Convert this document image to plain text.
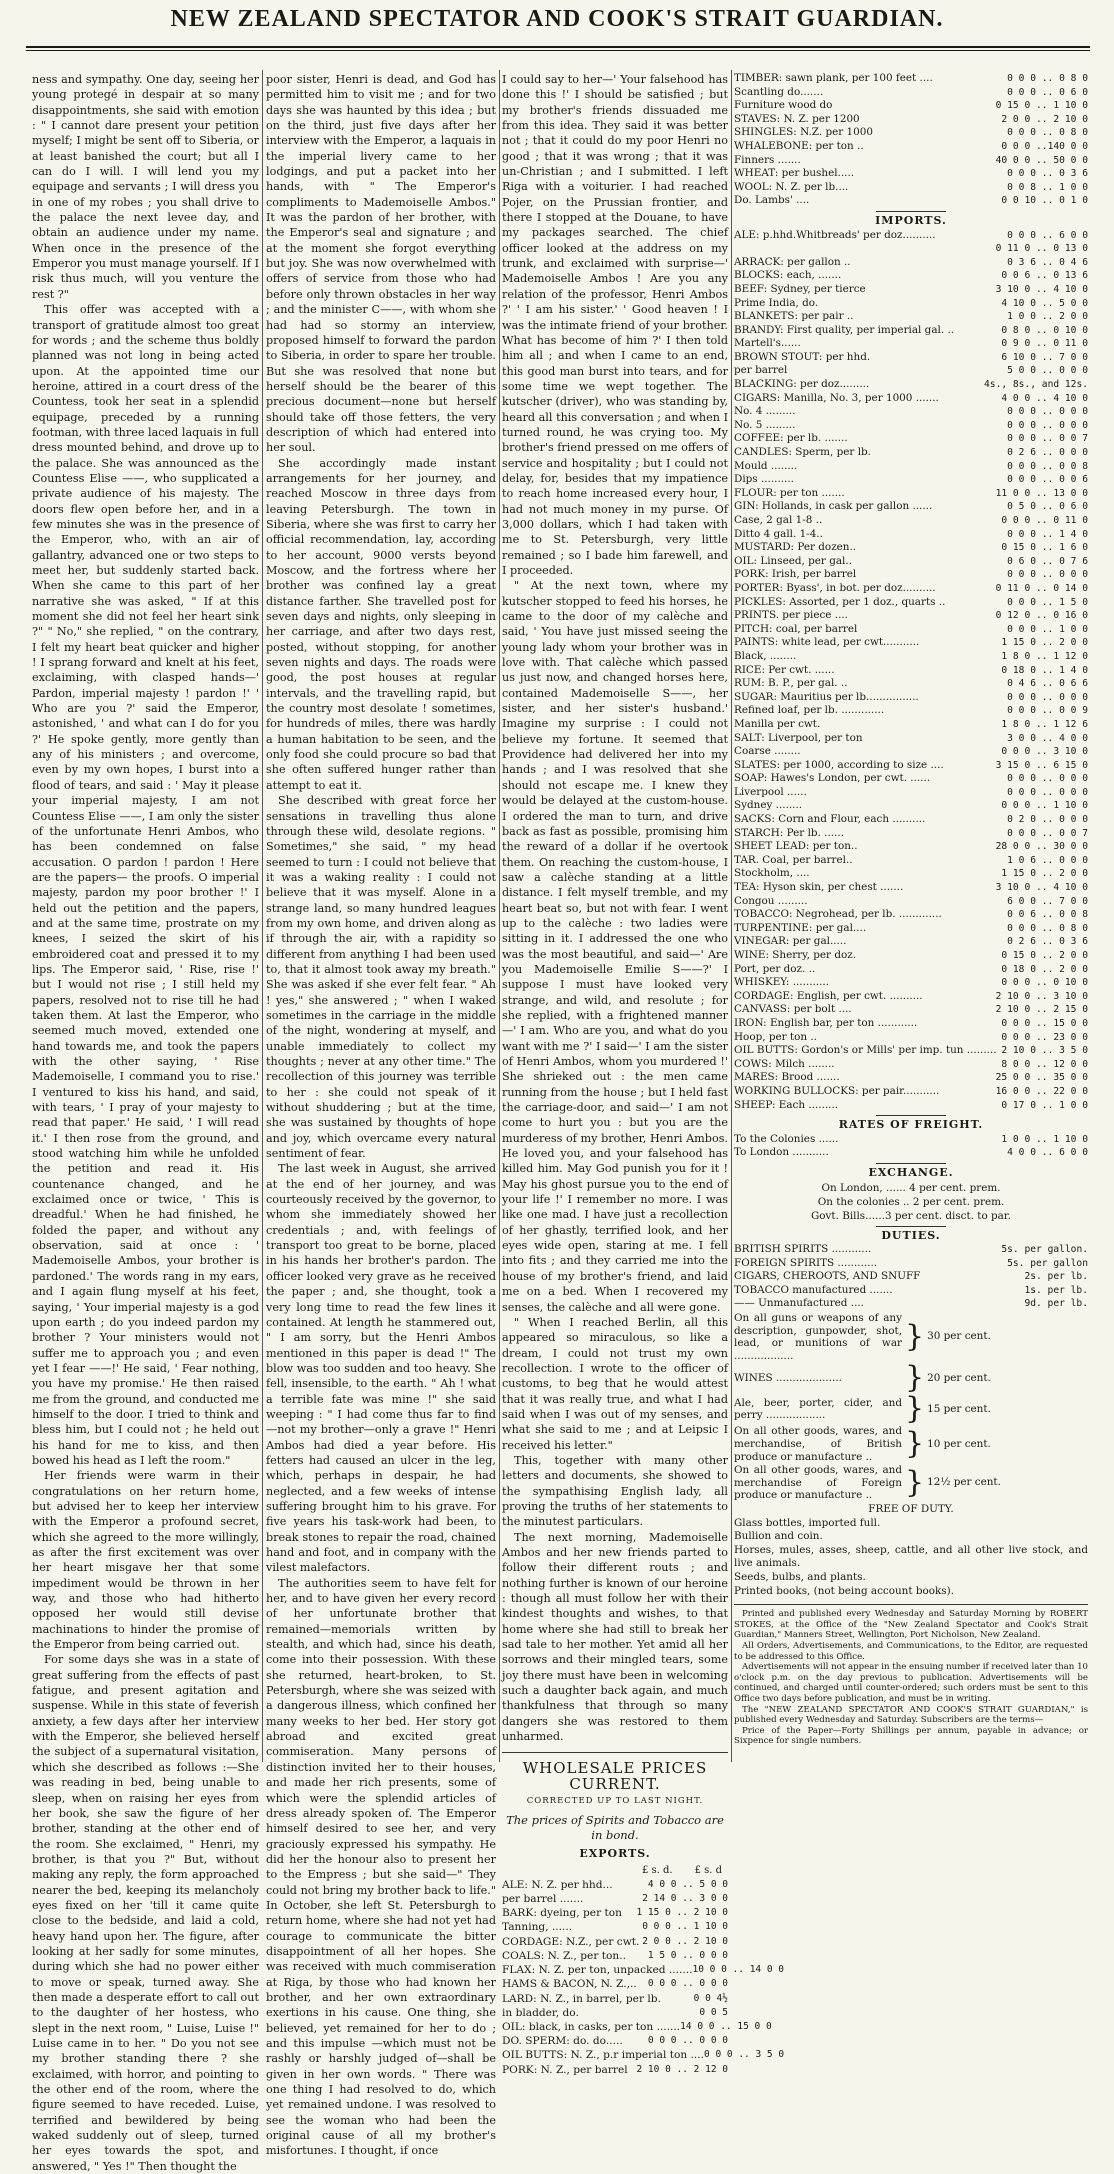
NEW ZEALAND SPECTATOR AND COOK'S STRAIT GUARDIAN.

ness and sympathy. One day, seeing her young protegé in despair at so many disappointments, she said with emotion : " I cannot dare present your petition myself; I might be sent off to Siberia, or at least banished the court; but all I can do I will. I will lend you my equipage and servants ; I will dress you in one of my robes ; you shall drive to the palace the next levee day, and obtain an audience under my name. When once in the presence of the Emperor you must manage yourself. If I risk thus much, will you venture the rest ?"

This offer was accepted with a transport of gratitude almost too great for words ; and the scheme thus boldly planned was not long in being acted upon. At the appointed time our heroine, attired in a court dress of the Countess, took her seat in a splendid equipage, preceded by a running footman, with three laced laquais in full dress mounted behind, and drove up to the palace. She was announced as the Countess Elise ——, who supplicated a private audience of his majesty. The doors flew open before her, and in a few minutes she was in the presence of the Emperor, who, with an air of gallantry, advanced one or two steps to meet her, but suddenly started back. When she came to this part of her narrative she was asked, " If at this moment she did not feel her heart sink ?" " No," she replied, " on the contrary, I felt my heart beat quicker and higher ! I sprang forward and knelt at his feet, exclaiming, with clasped hands—' Pardon, imperial majesty ! pardon !' ' Who are you ?' said the Emperor, astonished, ' and what can I do for you ?' He spoke gently, more gently than any of his ministers ; and overcome, even by my own hopes, I burst into a flood of tears, and said : ' May it please your imperial majesty, I am not Countess Elise ——, I am only the sister of the unfortunate Henri Ambos, who has been condemned on false accusation. O pardon ! pardon ! Here are the papers— the proofs. O imperial majesty, pardon my poor brother !' I held out the petition and the papers, and at the same time, prostrate on my knees, I seized the skirt of his embroidered coat and pressed it to my lips. The Emperor said, ' Rise, rise !' but I would not rise ; I still held my papers, resolved not to rise till he had taken them. At last the Emperor, who seemed much moved, extended one hand towards me, and took the papers with the other saying, ' Rise Mademoiselle, I command you to rise.' I ventured to kiss his hand, and said, with tears, ' I pray of your majesty to read that paper.' He said, ' I will read it.' I then rose from the ground, and stood watching him while he unfolded the petition and read it. His countenance changed, and he exclaimed once or twice, ' This is dreadful.' When he had finished, he folded the paper, and without any observation, said at once : ' Mademoiselle Ambos, your brother is pardoned.' The words rang in my ears, and I again flung myself at his feet, saying, ' Your imperial majesty is a god upon earth ; do you indeed pardon my brother ? Your ministers would not suffer me to approach you ; and even yet I fear ——!' He said, ' Fear nothing, you have my promise.' He then raised me from the ground, and conducted me himself to the door. I tried to think and bless him, but I could not ; he held out his hand for me to kiss, and then bowed his head as I left the room."

Her friends were warm in their congratulations on her return home, but advised her to keep her interview with the Emperor a profound secret, which she agreed to the more willingly, as after the first excitement was over her heart misgave her that some impediment would be thrown in her way, and those who had hitherto opposed her would still devise machinations to hinder the promise of the Emperor from being carried out.

For some days she was in a state of great suffering from the effects of past fatigue, and present agitation and suspense. While in this state of feverish anxiety, a few days after her interview with the Emperor, she believed herself the subject of a supernatural visitation, which she described as follows :—She was reading in bed, being unable to sleep, when on raising her eyes from her book, she saw the figure of her brother, standing at the other end of the room. She exclaimed, " Henri, my brother, is that you ?" But, without making any reply, the form approached nearer the bed, keeping its melancholy eyes fixed on her 'till it came quite close to the bedside, and laid a cold, heavy hand upon her. The figure, after looking at her sadly for some minutes, during which she had no power either to move or speak, turned away. She then made a desperate effort to call out to the daughter of her hostess, who slept in the next room, " Luise, Luise !" Luise came in to her. " Do you not see my brother standing there ? she exclaimed, with horror, and pointing to the other end of the room, where the figure seemed to have receded. Luise, terrified and bewildered by being waked suddenly out of sleep, turned her eyes towards the spot, and answered, " Yes !" Then thought the

poor sister, Henri is dead, and God has permitted him to visit me ; and for two days she was haunted by this idea ; but on the third, just five days after her interview with the Emperor, a laquais in the imperial livery came to her lodgings, and put a packet into her hands, with " The Emperor's compliments to Mademoiselle Ambos." It was the pardon of her brother, with the Emperor's seal and signature ; and at the moment she forgot everything but joy. She was now overwhelmed with offers of service from those who had before only thrown obstacles in her way ; and the minister C——, with whom she had had so stormy an interview, proposed himself to forward the pardon to Siberia, in order to spare her trouble. But she was resolved that none but herself should be the bearer of this precious document—none but herself should take off those fetters, the very description of which had entered into her soul.

She accordingly made instant arrangements for her journey, and reached Moscow in three days from leaving Petersburgh. The town in Siberia, where she was first to carry her official recommendation, lay, according to her account, 9000 versts beyond Moscow, and the fortress where her brother was confined lay a great distance farther. She travelled post for seven days and nights, only sleeping in her carriage, and after two days rest, posted, without stopping, for another seven nights and days. The roads were good, the post houses at regular intervals, and the travelling rapid, but the country most desolate ! sometimes, for hundreds of miles, there was hardly a human habitation to be seen, and the only food she could procure so bad that she often suffered hunger rather than attempt to eat it.

She described with great force her sensations in travelling thus alone through these wild, desolate regions. " Sometimes," she said, " my head seemed to turn : I could not believe that it was a waking reality : I could not believe that it was myself. Alone in a strange land, so many hundred leagues from my own home, and driven along as if through the air, with a rapidity so different from anything I had been used to, that it almost took away my breath." She was asked if she ever felt fear. " Ah ! yes," she answered ; " when I waked sometimes in the carriage in the middle of the night, wondering at myself, and unable immediately to collect my thoughts ; never at any other time." The recollection of this journey was terrible to her : she could not speak of it without shuddering ; but at the time, she was sustained by thoughts of hope and joy, which overcame every natural sentiment of fear.

The last week in August, she arrived at the end of her journey, and was courteously received by the governor, to whom she immediately showed her credentials ; and, with feelings of transport too great to be borne, placed in his hands her brother's pardon. The officer looked very grave as he received the paper ; and, she thought, took a very long time to read the few lines it contained. At length he stammered out, " I am sorry, but the Henri Ambos mentioned in this paper is dead !" The blow was too sudden and too heavy. She fell, insensible, to the earth. " Ah ! what a terrible fate was mine !" she said weeping : " I had come thus far to find —not my brother—only a grave !" Henri Ambos had died a year before. His fetters had caused an ulcer in the leg, which, perhaps in despair, he had neglected, and a few weeks of intense suffering brought him to his grave. For five years his task-work had been, to break stones to repair the road, chained hand and foot, and in company with the vilest malefactors.

The authorities seem to have felt for her, and to have given her every record of her unfortunate brother that remained—memorials written by stealth, and which had, since his death, come into their possession. With these she returned, heart-broken, to St. Petersburgh, where she was seized with a dangerous illness, which confined her many weeks to her bed. Her story got abroad and excited great commiseration. Many persons of distinction invited her to their houses, and made her rich presents, some of which were the splendid articles of dress already spoken of. The Emperor himself desired to see her, and very graciously expressed his sympathy. He did her the honour also to present her to the Empress ; but she said—" They could not bring my brother back to life." In October, she left St. Petersburgh to return home, where she had not yet had courage to communicate the bitter disappointment of all her hopes. She was received with much commiseration at Riga, by those who had known her brother, and her own extraordinary exertions in his cause. One thing, she believed, yet remained for her to do ; and this impulse —which must not be rashly or harshly judged of—shall be given in her own words. " There was one thing I had resolved to do, which yet remained undone. I was resolved to see the woman who had been the original cause of all my brother's misfortunes. I thought, if once

I could say to her—' Your falsehood has done this !' I should be satisfied ; but my brother's friends dissuaded me from this idea. They said it was better not ; that it could do my poor Henri no good ; that it was wrong ; that it was un-Christian ; and I submitted. I left Riga with a voiturier. I had reached Pojer, on the Prussian frontier, and there I stopped at the Douane, to have my packages searched. The chief officer looked at the address on my trunk, and exclaimed with surprise—' Mademoiselle Ambos ! Are you any relation of the professor, Henri Ambos ?' ' I am his sister.' ' Good heaven ! I was the intimate friend of your brother. What has become of him ?' I then told him all ; and when I came to an end, this good man burst into tears, and for some time we wept together. The kutscher (driver), who was standing by, heard all this conversation ; and when I turned round, he was crying too. My brother's friend pressed on me offers of service and hospitality ; but I could not delay, for, besides that my impatience to reach home increased every hour, I had not much money in my purse. Of 3,000 dollars, which I had taken with me to St. Petersburgh, very little remained ; so I bade him farewell, and I proceeded.

" At the next town, where my kutscher stopped to feed his horses, he came to the door of my calèche and said, ' You have just missed seeing the young lady whom your brother was in love with. That calèche which passed us just now, and changed horses here, contained Mademoiselle S——, her sister, and her sister's husband.' Imagine my surprise : I could not believe my fortune. It seemed that Providence had delivered her into my hands ; and I was resolved that she should not escape me. I knew they would be delayed at the custom-house. I ordered the man to turn, and drive back as fast as possible, promising him the reward of a dollar if he overtook them. On reaching the custom-house, I saw a calèche standing at a little distance. I felt myself tremble, and my heart beat so, but not with fear. I went up to the calèche : two ladies were sitting in it. I addressed the one who was the most beautiful, and said—' Are you Mademoiselle Emilie S——?' I suppose I must have looked very strange, and wild, and resolute ; for she replied, with a frightened manner—' I am. Who are you, and what do you want with me ?' I said—' I am the sister of Henri Ambos, whom you murdered !' She shrieked out : the men came running from the house ; but I held fast the carriage-door, and said—' I am not come to hurt you : but you are the murderess of my brother, Henri Ambos. He loved you, and your falsehood has killed him. May God punish you for it ! May his ghost pursue you to the end of your life !' I remember no more. I was like one mad. I have just a recollection of her ghastly, terrified look, and her eyes wide open, staring at me. I fell into fits ; and they carried me into the house of my brother's friend, and laid me on a bed. When I recovered my senses, the calèche and all were gone.

" When I reached Berlin, all this appeared so miraculous, so like a dream, I could not trust my own recollection. I wrote to the officer of customs, to beg that he would attest that it was really true, and what I had said when I was out of my senses, and what she said to me ; and at Leipsic I received his letter."

This, together with many other letters and documents, she showed to the sympathising English lady, all proving the truths of her statements to the minutest particulars.

The next morning, Mademoiselle Ambos and her new friends parted to follow their different routs ; and nothing further is known of our heroine : though all must follow her with their kindest thoughts and wishes, to that home where she had still to break her sad tale to her mother. Yet amid all her sorrows and their mingled tears, some joy there must have been in welcoming such a daughter back again, and much thankfulness that through so many dangers she was restored to them unharmed.

WHOLESALE PRICES CURRENT.
CORRECTED UP TO LAST NIGHT.
The prices of Spirits and Tobacco are in bond.
EXPORTS.
£ s. d. £ s. d
ALE: N. Z. per hhd...	4 0 0 .. 5 0 0
per barrel .......	2 14 0 .. 3 0 0
BARK: dyeing, per ton	1 15 0 .. 2 10 0
Tanning, ......	0 0 0 .. 1 10 0
CORDAGE: N.Z., per cwt. 2 0 0 .. 2 10 0
COALS: N. Z., per ton..	1 5 0 .. 0 0 0
FLAX: N. Z. per ton, unpacked ....... 10 0 0 .. 14 0 0
HAMS & BACON, N. Z.,..	0 0 0 .. 0 0 0
LARD: N. Z., in barrel, per lb.	0 0 4½
in bladder, do.	0 0 5
OIL: black, in casks, per ton ....... 14 0 0 .. 15 0 0
DO. SPERM: do. do.....	0 0 0 .. 0 0 0
OIL BUTTS: N. Z., p.r imperial ton .... 0 0 0 .. 3 5 0
PORK: N. Z., per barrel 2 10 0 .. 2 12 0
TIMBER: sawn plank, per 100 feet ....	0 0 0 .. 0 8 0
Scantling do.......	0 0 0 .. 0 6 0
Furniture wood do	0 15 0 .. 1 10 0
STAVES: N. Z. per 1200	2 0 0 .. 2 10 0
SHINGLES: N.Z. per 1000	0 0 0 .. 0 8 0
WHALEBONE: per ton ..	0 0 0 ..140 0 0
Finners .......	40 0 0 .. 50 0 0
WHEAT: per bushel.....	0 0 0 .. 0 3 6
WOOL: N. Z. per lb....	0 0 8 .. 1 0 0
Do. Lambs' ....	0 0 10 .. 0 1 0
IMPORTS.
ALE: p.hhd.Whitbreads' per doz..........	0 0 0 .. 6 0 0
0 11 0 .. 0 13 0
ARRACK: per gallon ..	0 3 6 .. 0 4 6
BLOCKS: each, .......	0 0 6 .. 0 13 6
BEEF: Sydney, per tierce	3 10 0 .. 4 10 0
Prime India, do.	4 10 0 .. 5 0 0
BLANKETS: per pair ..	1 0 0 .. 2 0 0
BRANDY: First quality, per imperial gal. ..	0 8 0 .. 0 10 0
Martell's......	0 9 0 .. 0 11 0
BROWN STOUT: per hhd.	6 10 0 .. 7 0 0
per barrel	5 0 0 .. 0 0 0
BLACKING: per doz.........	4s., 8s., and 12s.
CIGARS: Manilla, No. 3, per 1000 .......	4 0 0 .. 4 10 0
No. 4 .........	0 0 0 .. 0 0 0
No. 5 .........	0 0 0 .. 0 0 0
COFFEE: per lb. .......	0 0 0 .. 0 0 7
CANDLES: Sperm, per lb.	0 2 6 .. 0 0 0
Mould ........	0 0 0 .. 0 0 8
Dips ..........	0 0 0 .. 0 0 6
FLOUR: per ton .......	11 0 0 .. 13 0 0
GIN: Hollands, in cask per gallon ......	0 5 0 .. 0 6 0
Case, 2 gal 1-8 ..	0 0 0 .. 0 11 0
Ditto 4 gall. 1-4..	0 0 0 .. 1 4 0
MUSTARD: Per dozen..	0 15 0 .. 1 6 0
OIL: Linseed, per gal..	0 6 0 .. 0 7 6
PORK: Irish, per barrel	0 0 0 .. 0 0 0
PORTER: Byass', in bot. per doz..........	0 11 0 .. 0 14 0
PICKLES: Assorted, per 1 doz., quarts ..	0 0 0 .. 1 5 0
PRINTS. per piece ....	0 12 0 .. 0 16 0
PITCH: coal, per barrel	0 0 0 .. 1 0 0
PAINTS: white lead, per cwt...........	1 15 0 .. 2 0 0
Black, ........	1 8 0 .. 1 12 0
RICE: Per cwt. ......	0 18 0 .. 1 4 0
RUM: B. P., per gal. ..	0 4 6 .. 0 6 6
SUGAR: Mauritius per lb................	0 0 0 .. 0 0 0
Refined loaf, per lb. .............	0 0 0 .. 0 0 9
Manilla per cwt.	1 8 0 .. 1 12 6
SALT: Liverpool, per ton	3 0 0 .. 4 0 0
Coarse ........	0 0 0 .. 3 10 0
SLATES: per 1000, according to size ....	3 15 0 .. 6 15 0
SOAP: Hawes's London, per cwt. ......	0 0 0 .. 0 0 0
Liverpool ......	0 0 0 .. 0 0 0
Sydney ........	0 0 0 .. 1 10 0
SACKS: Corn and Flour, each ..........	0 2 0 .. 0 0 0
STARCH: Per lb. ......	0 0 0 .. 0 0 7
SHEET LEAD: per ton..	28 0 0 .. 30 0 0
TAR. Coal, per barrel..	1 0 6 .. 0 0 0
Stockholm, ....	1 15 0 .. 2 0 0
TEA: Hyson skin, per chest .......	3 10 0 .. 4 10 0
Congou .........	6 0 0 .. 7 0 0
TOBACCO: Negrohead, per lb. .............	0 0 6 .. 0 0 8
TURPENTINE: per gal....	0 0 0 .. 0 8 0
VINEGAR: per gal.....	0 2 6 .. 0 3 6
WINE: Sherry, per doz.	0 15 0 .. 2 0 0
Port, per doz. ..	0 18 0 .. 2 0 0
WHISKEY: ...........	0 0 0 .. 0 10 0
CORDAGE: English, per cwt. ..........	2 10 0 .. 3 10 0
CANVASS: per bolt ....	2 10 0 .. 2 15 0
IRON: English bar, per ton ............	0 0 0 .. 15 0 0
Hoop, per ton ..	0 0 0 .. 23 0 0
OIL BUTTS: Gordon's or Mills' per imp. tun ......... 2 10 0 .. 3 5 0
COWS: Milch ........	8 0 0 .. 12 0 0
MARES: Brood .......	25 0 0 .. 35 0 0
WORKING BULLOCKS: per pair...........	16 0 0 .. 22 0 0
SHEEP: Each .........	0 17 0 .. 1 0 0
RATES OF FREIGHT.
To the Colonies ......	1 0 0 .. 1 10 0
To London ...........	4 0 0 .. 6 0 0
EXCHANGE.
On London, ...... 4 per cent. prem.
On the colonies .. 2 per cent. prem.
Govt. Bills......3 per cent. disct. to par.
DUTIES.
BRITISH SPIRITS ............	5s. per gallon.
FOREIGN SPIRITS ............	5s. per gallon
CIGARS, CHEROOTS, AND SNUFF	2s. per lb.
TOBACCO manufactured .......	1s. per lb.
—— Unmanufactured ....	9d. per lb.
On all guns or weapons of any description, gunpowder, shot, lead, or munitions of war ..................
} 30 per cent.
WINES ....................	} 20 per cent.
Ale, beer, porter, cider, and perry ..................	} 15 per cent.
On all other goods, wares, and merchandise, of British produce or manufacture ..	} 10 per cent.
On all other goods, wares, and merchandise of Foreign produce or manufacture ..	} 12½ per cent.
FREE OF DUTY.
Glass bottles, imported full.
Bullion and coin.
Horses, mules, asses, sheep, cattle, and all other live stock, and live animals.
Seeds, bulbs, and plants.
Printed books, (not being account books).

Printed and published every Wednesday and Saturday Morning by ROBERT STOKES, at the Office of the "New Zealand Spectator and Cook's Strait Guardian," Manners Street, Wellington, Port Nicholson, New Zealand.

All Orders, Advertisements, and Communications, to the Editor, are requested to be addressed to this Office.

Advertisements will not appear in the ensuing number if received later than 10 o'clock p.m. on the day previous to publication. Advertisements will be continued, and charged until counter-ordered; such orders must be sent to this Office two days before publication, and must be in writing.

The "NEW ZEALAND SPECTATOR AND COOK'S STRAIT GUARDIAN," is published every Wednesday and Saturday. Subscribers are the terms—

Price of the Paper—Forty Shillings per annum, payable in advance; or Sixpence for single numbers.
